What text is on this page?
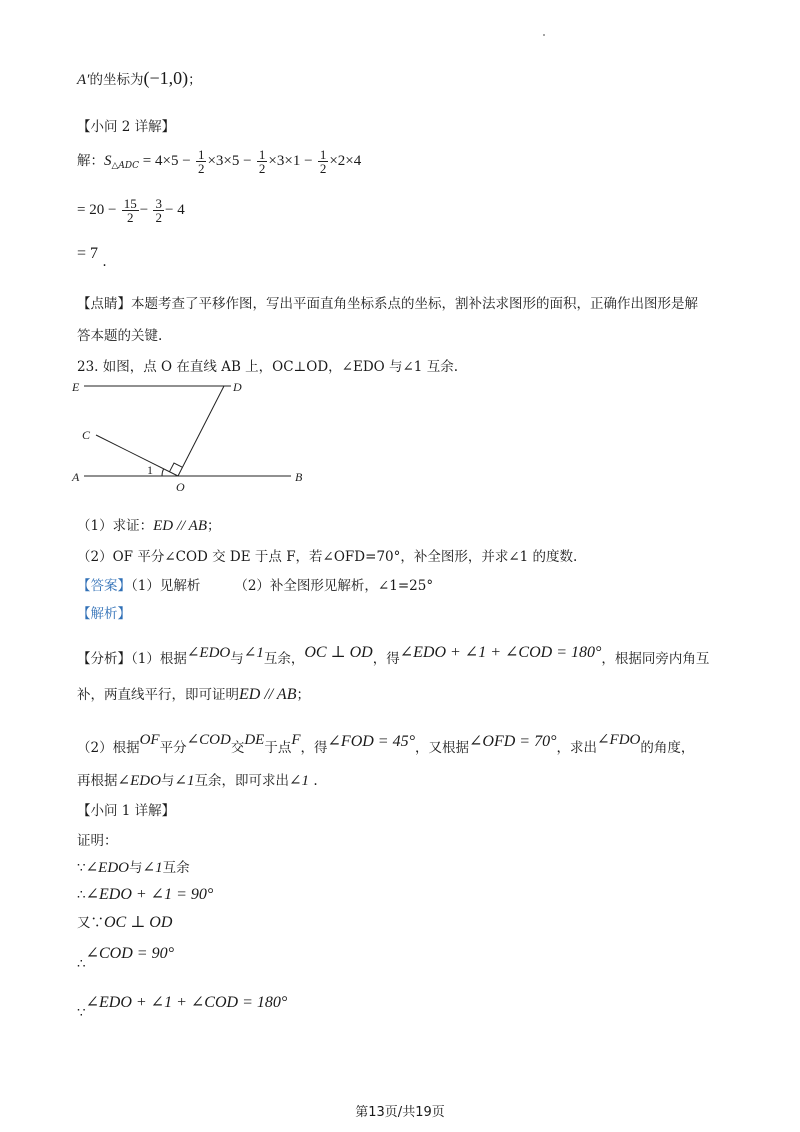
A′的坐标为(−1,0)；
【小问 2 详解】
解：$S_{\triangle ADC} = 4\times 5 - \frac{1}{2} \times 3\times 5 - \frac{1}{2} \times 3\times 1 - \frac{1}{2} \times 2\times 4$
= $20 - \frac{15}{2} - \frac{3}{2} - 4$
= 7 .
【点睛】本题考查了平移作图，写出平面直角坐标系点的坐标，割补法求图形的面积，正确作出图形是解
答本题的关键.
23. 如图，点 O 在直线 AB 上，OC⊥OD，∠EDO 与∠1 互余.
E	D
C
A
O
B
1
（1）求证：ED // AB；
（2）OF 平分∠COD 交 DE 于点 F，若∠OFD=70°，补全图形，并求∠1 的度数.
【答案】（1）见解析	（2）补全图形见解析，∠1=25°
【解析】
【分析】（1）根据∠EDO与∠1互余，OC ⊥ OD，得∠EDO + ∠1 + ∠COD = 180°，根据同旁内角互
补，两直线平行，即可证明ED // AB；
（2）根据OF平分∠COD交DE于点F，得∠FOD = 45°，又根据∠OFD = 70°，求出∠FDO的角度，
再根据∠EDO与∠1互余，即可求出∠1 .
【小问 1 详解】
证明：
∵∠EDO与∠1互余
∴∠EDO + ∠1 = 90°
又∵OC ⊥ OD
∴∠COD = 90°
∵∠EDO + ∠1 + ∠COD = 180°
第13页/共19页
